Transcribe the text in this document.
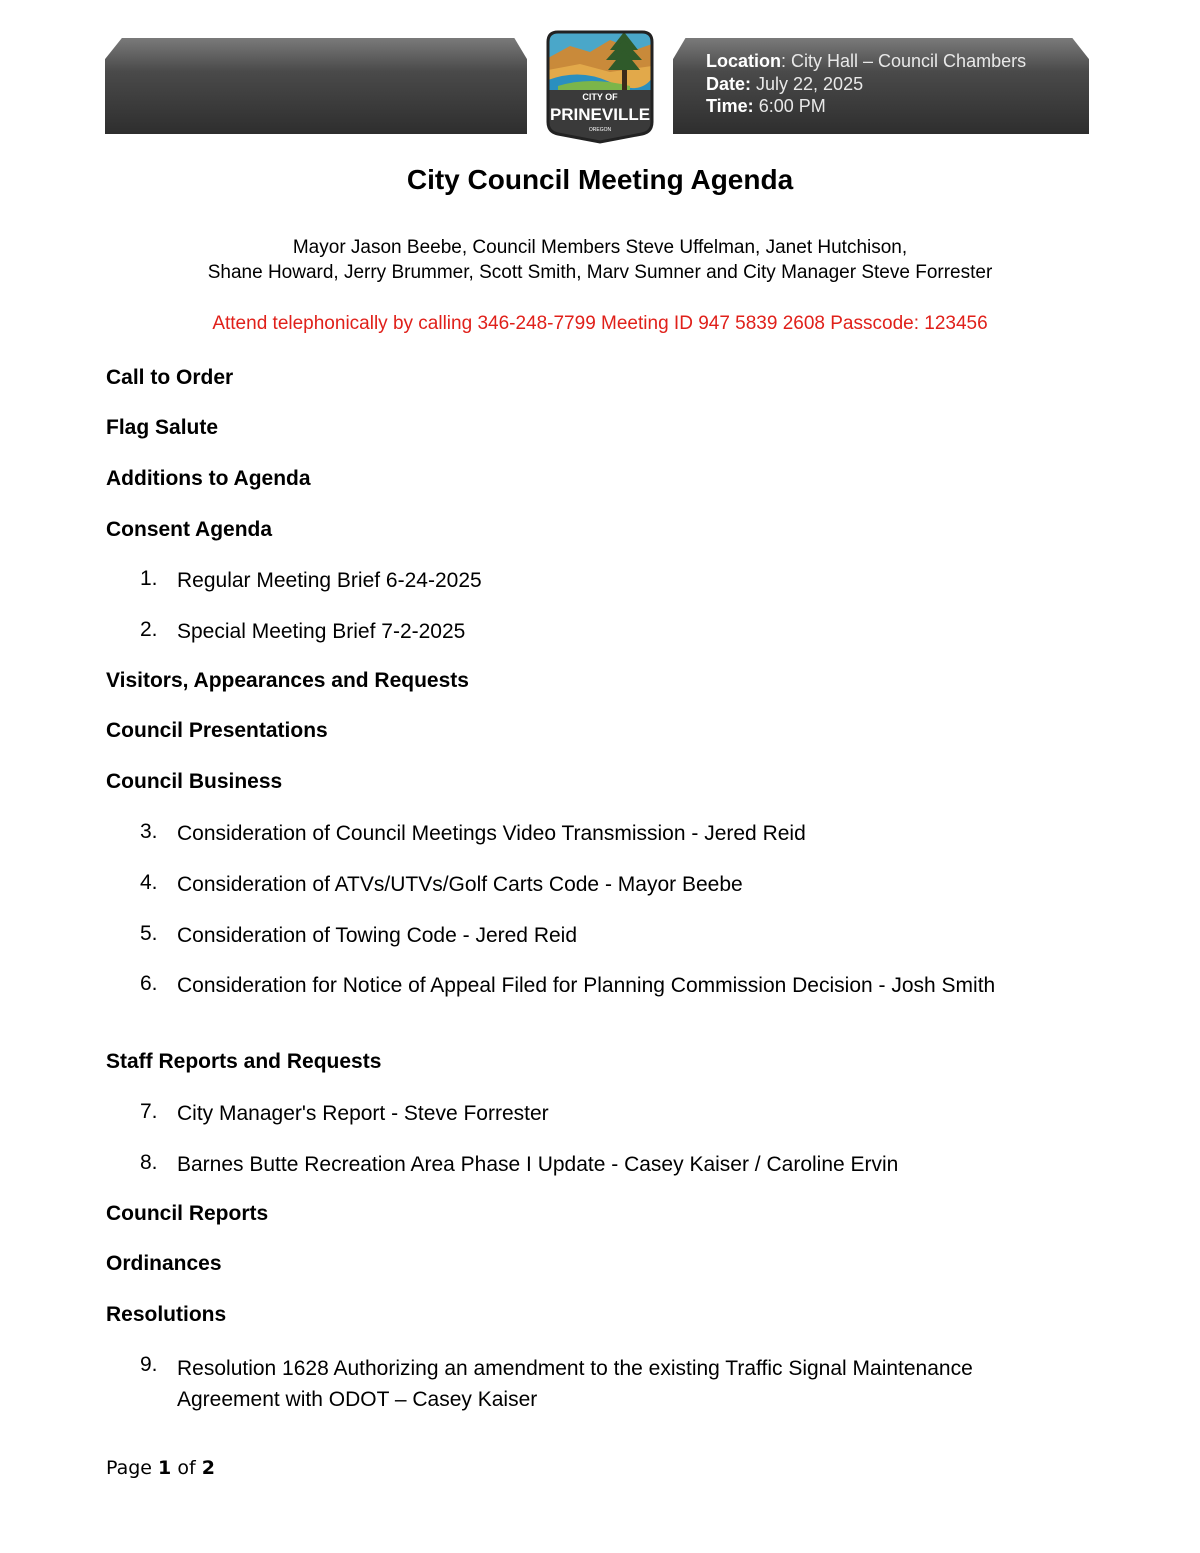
Location: City Hall – Council Chambers
Date: July 22, 2025
Time: 6:00 PM
CITY OF
PRINEVILLE
OREGON
City Council Meeting Agenda
Mayor Jason Beebe, Council Members Steve Uffelman, Janet Hutchison,
Shane Howard, Jerry Brummer, Scott Smith, Marv Sumner and City Manager Steve Forrester
Attend telephonically by calling 346-248-7799 Meeting ID 947 5839 2608 Passcode: 123456
Call to Order
Flag Salute
Additions to Agenda
Consent Agenda
1. Regular Meeting Brief 6-24-2025
2. Special Meeting Brief 7-2-2025
Visitors, Appearances and Requests
Council Presentations
Council Business
3. Consideration of Council Meetings Video Transmission - Jered Reid
4. Consideration of ATVs/UTVs/Golf Carts Code - Mayor Beebe
5. Consideration of Towing Code - Jered Reid
6. Consideration for Notice of Appeal Filed for Planning Commission Decision - Josh Smith
Staff Reports and Requests
7. City Manager's Report - Steve Forrester
8. Barnes Butte Recreation Area Phase I Update - Casey Kaiser / Caroline Ervin
Council Reports
Ordinances
Resolutions
9. Resolution 1628 Authorizing an amendment to the existing Traffic Signal Maintenance Agreement with ODOT – Casey Kaiser
Page 1 of 2
